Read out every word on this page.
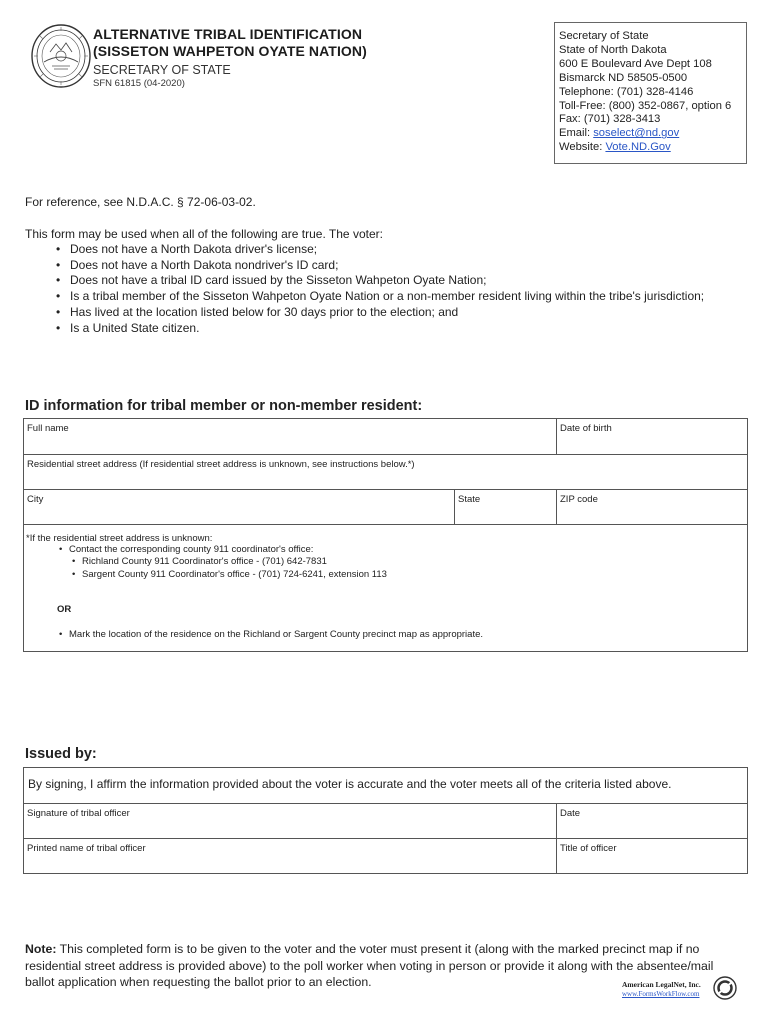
ALTERNATIVE TRIBAL IDENTIFICATION
(SISSETON WAHPETON OYATE NATION)
SECRETARY OF STATE
SFN 61815 (04-2020)
Secretary of State
State of North Dakota
600 E Boulevard Ave Dept 108
Bismarck ND 58505-0500
Telephone: (701) 328-4146
Toll-Free: (800) 352-0867, option 6
Fax: (701) 328-3413
Email: soselect@nd.gov
Website: Vote.ND.Gov
For reference, see N.D.A.C. § 72-06-03-02.
This form may be used when all of the following are true. The voter:
• Does not have a North Dakota driver's license;
• Does not have a North Dakota nondriver's ID card;
• Does not have a tribal ID card issued by the Sisseton Wahpeton Oyate Nation;
• Is a tribal member of the Sisseton Wahpeton Oyate Nation or a non-member resident living within the tribe's jurisdiction;
• Has lived at the location listed below for 30 days prior to the election; and
• Is a United State citizen.
ID information for tribal member or non-member resident:
Full name	Date of birth
Residential street address (If residential street address is unknown, see instructions below.*)
City	State	ZIP code
*If the residential street address is unknown:
• Contact the corresponding county 911 coordinator's office:
• Richland County 911 Coordinator's office - (701) 642-7831
• Sargent County 911 Coordinator's office - (701) 724-6241, extension 113
OR
• Mark the location of the residence on the Richland or Sargent County precinct map as appropriate.
Issued by:
By signing, I affirm the information provided about the voter is accurate and the voter meets all of the criteria listed above.
Signature of tribal officer	Date
Printed name of tribal officer	Title of officer
Note: This completed form is to be given to the voter and the voter must present it (along with the marked precinct map if no residential street address is provided above) to the poll worker when voting in person or provide it along with the absentee/mail ballot application when requesting the ballot prior to an election.	American LegalNet, Inc.
www.FormsWorkFlow.com
